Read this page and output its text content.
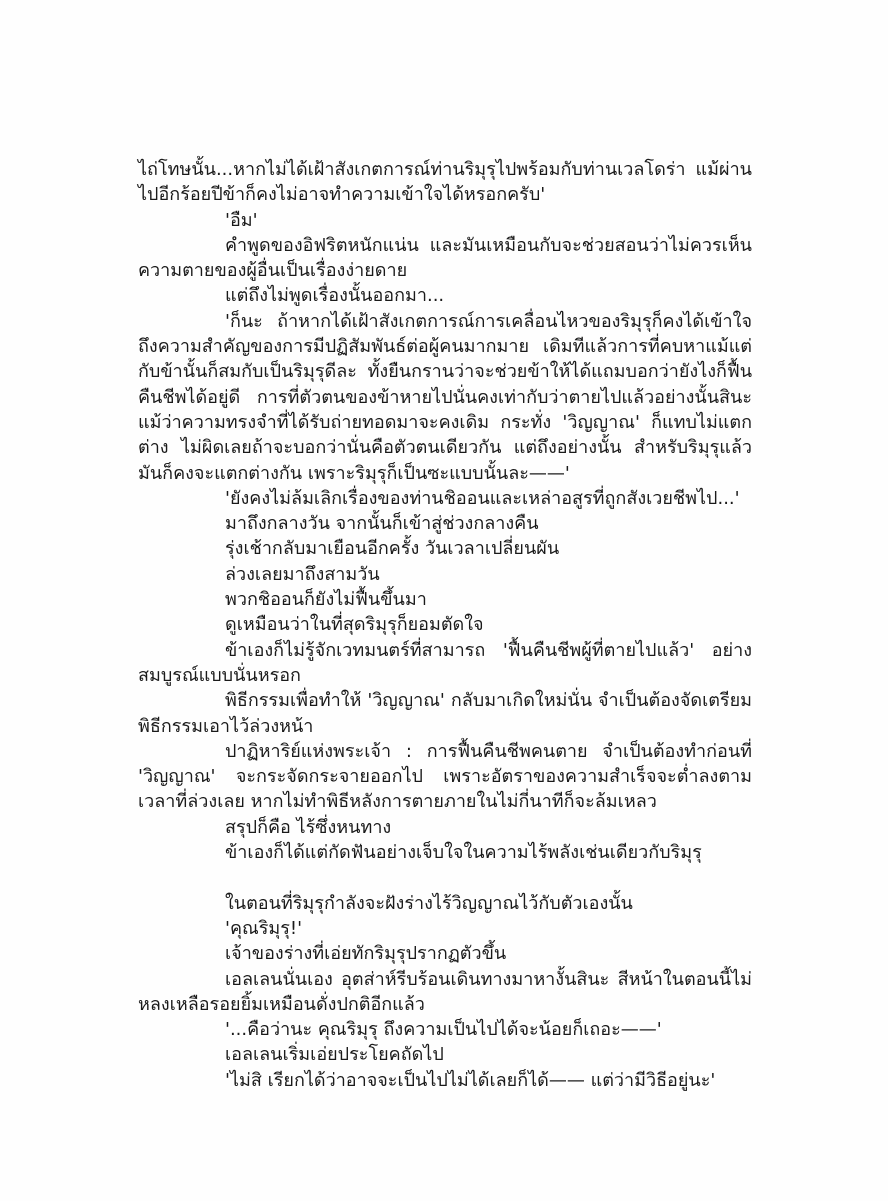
ไถ่โทษนั้น...หากไม่ได้เฝ้าสังเกตการณ์ท่านริมุรุไปพร้อมกับท่านเวลโดร่า แม้ผ่านไปอีกร้อยปีข้าก็คงไม่อาจทำความเข้าใจได้หรอกครับ'

'อืม'

คำพูดของอิฟริตหนักแน่น และมันเหมือนกับจะช่วยสอนว่าไม่ควรเห็นความตายของผู้อื่นเป็นเรื่องง่ายดาย

แต่ถึงไม่พูดเรื่องนั้นออกมา...

'ก็นะ ถ้าหากได้เฝ้าสังเกตการณ์การเคลื่อนไหวของริมุรุก็คงได้เข้าใจถึงความสำคัญของการมีปฏิสัมพันธ์ต่อผู้คนมากมาย เดิมทีแล้วการที่คบหาแม้แต่กับข้านั้นก็สมกับเป็นริมุรุดีละ ทั้งยืนกรานว่าจะช่วยข้าให้ได้แถมบอกว่ายังไงก็ฟื้นคืนชีพได้อยู่ดี การที่ตัวตนของข้าหายไปนั่นคงเท่ากับว่าตายไปแล้วอย่างนั้นสินะ แม้ว่าความทรงจำที่ได้รับถ่ายทอดมาจะคงเดิม กระทั่ง 'วิญญาณ' ก็แทบไม่แตกต่าง ไม่ผิดเลยถ้าจะบอกว่านั่นคือตัวตนเดียวกัน แต่ถึงอย่างนั้น สำหรับริมุรุแล้วมันก็คงจะแตกต่างกัน เพราะริมุรุก็เป็นซะแบบนั้นละ——'

'ยังคงไม่ล้มเลิกเรื่องของท่านชิออนและเหล่าอสูรที่ถูกสังเวยชีพไป...'

มาถึงกลางวัน จากนั้นก็เข้าสู่ช่วงกลางคืน

รุ่งเช้ากลับมาเยือนอีกครั้ง วันเวลาเปลี่ยนผัน

ล่วงเลยมาถึงสามวัน

พวกชิออนก็ยังไม่ฟื้นขึ้นมา

ดูเหมือนว่าในที่สุดริมุรุก็ยอมตัดใจ

ข้าเองก็ไม่รู้จักเวทมนตร์ที่สามารถ 'ฟื้นคืนชีพผู้ที่ตายไปแล้ว' อย่างสมบูรณ์แบบนั่นหรอก

พิธีกรรมเพื่อทำให้ 'วิญญาณ' กลับมาเกิดใหม่นั่น จำเป็นต้องจัดเตรียมพิธีกรรมเอาไว้ล่วงหน้า

ปาฏิหาริย์แห่งพระเจ้า : การฟื้นคืนชีพคนตาย จำเป็นต้องทำก่อนที่ 'วิญญาณ' จะกระจัดกระจายออกไป เพราะอัตราของความสำเร็จจะต่ำลงตามเวลาที่ล่วงเลย หากไม่ทำพิธีหลังการตายภายในไม่กี่นาทีก็จะล้มเหลว

สรุปก็คือ ไร้ซึ่งหนทาง

ข้าเองก็ได้แต่กัดฟันอย่างเจ็บใจในความไร้พลังเช่นเดียวกับริมุรุ

ในตอนที่ริมุรุกำลังจะฝังร่างไร้วิญญาณไว้กับตัวเองนั้น

'คุณริมุรุ!'

เจ้าของร่างที่เอ่ยทักริมุรุปรากฏตัวขึ้น

เอลเลนนั่นเอง อุตส่าห์รีบร้อนเดินทางมาหางั้นสินะ สีหน้าในตอนนี้ไม่หลงเหลือรอยยิ้มเหมือนดั่งปกติอีกแล้ว

'...คือว่านะ คุณริมุรุ ถึงความเป็นไปได้จะน้อยก็เถอะ——'

เอลเลนเริ่มเอ่ยประโยคถัดไป

'ไม่สิ เรียกได้ว่าอาจจะเป็นไปไม่ได้เลยก็ได้—— แต่ว่ามีวิธีอยู่นะ'
